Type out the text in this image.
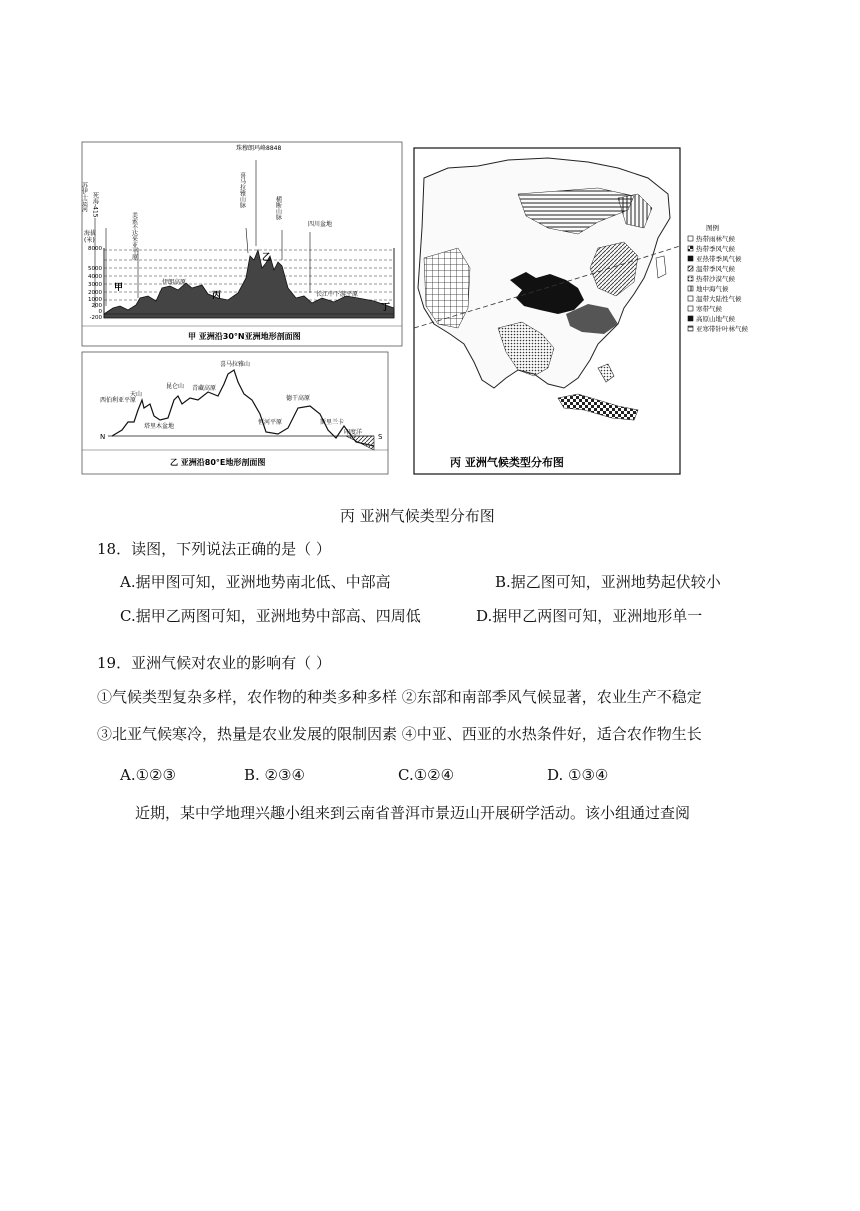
海拔
(米)
8000
5000
4000
3000
2000
1000
200
0
-200
苏伊士运河 死海-415
美索不达米亚平原
珠穆朗玛峰8848
喜马拉雅山脉	横断山脉
四川盆地
伊朗高原
长江中下游平原
甲
乙
丙
丁
甲 亚洲沿30°N亚洲地形剖面图
N	S
西伯利亚平原
天山
塔里木盆地
昆仑山 青藏高原
喜马拉雅山
恒河平原
德干高原
斯里兰卡
印度洋
乙 亚洲沿80°E地形剖面图	丙 亚洲气候类型分布图
图例
热带雨林气候
热带季风气候
亚热带季风气候
温带季风气候
热带沙漠气候
地中海气候
温带大陆性气候
寒带气候
高原山地气候
亚寒带针叶林气候
丙 亚洲气候类型分布图
18．读图，下列说法正确的是（ ）
A.据甲图可知，亚洲地势南北低、中部高	B.据乙图可知，亚洲地势起伏较小
C.据甲乙两图可知，亚洲地势中部高、四周低	D.据甲乙两图可知，亚洲地形单一
19．亚洲气候对农业的影响有（ ）
①气候类型复杂多样，农作物的种类多种多样 ②东部和南部季风气候显著，农业生产不稳定
③北亚气候寒冷，热量是农业发展的限制因素 ④中亚、西亚的水热条件好，适合农作物生长
A.①②③	B. ②③④	C.①②④	D. ①③④
近期，某中学地理兴趣小组来到云南省普洱市景迈山开展研学活动。该小组通过查阅
